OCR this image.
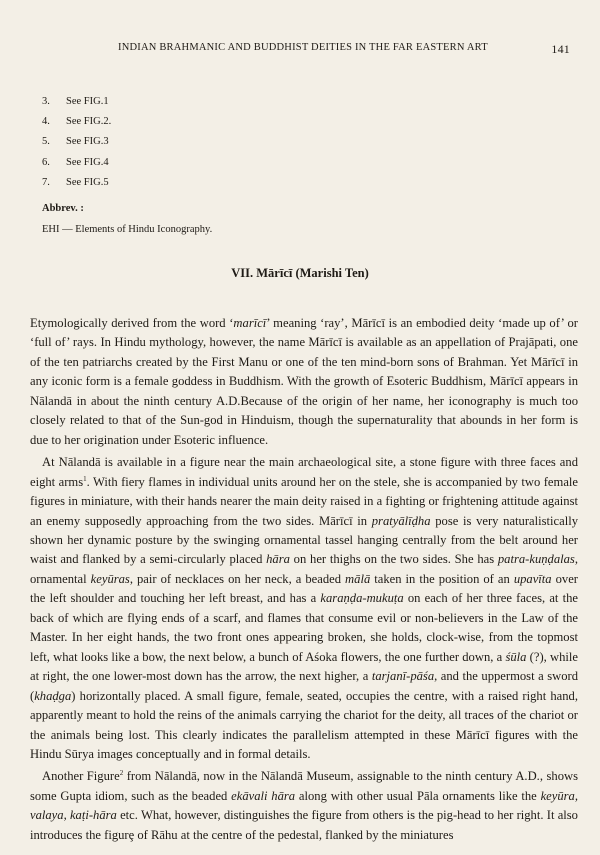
INDIAN BRAHMANIC AND BUDDHIST DEITIES IN THE FAR EASTERN ART	141
3.	See FIG.1
4.	See FIG.2.
5.	See FIG.3
6.	See FIG.4
7.	See FIG.5
Abbrev. :
EHI — Elements of Hindu Iconography.
VII. Mārīcī (Marishi Ten)

Etymologically derived from the word ‘marīcī’ meaning ‘ray’, Mārīcī is an embodied deity ‘made up of’ or ‘full of’ rays. In Hindu mythology, however, the name Mārīcī is available as an appellation of Prajāpati, one of the ten patriarchs created by the First Manu or one of the ten mind-born sons of Brahman. Yet Mārīcī in any iconic form is a female goddess in Buddhism. With the growth of Esoteric Buddhism, Mārīcī appears in Nālandā in about the ninth century A.D.Because of the origin of her name, her iconography is much too closely related to that of the Sun-god in Hinduism, though the supernaturality that abounds in her form is due to her origination under Esoteric influence.

At Nālandā is available in a figure near the main archaeological site, a stone figure with three faces and eight arms$^1$. With fiery flames in individual units around her on the stele, she is accompanied by two female figures in miniature, with their hands nearer the main deity raised in a fighting or frightening attitude against an enemy supposedly approaching from the two sides. Mārīcī in pratyālīḍha pose is very naturalistically shown her dynamic posture by the swinging ornamental tassel hanging centrally from the belt around her waist and flanked by a semi-circularly placed hāra on her thighs on the two sides. She has patra-kuṇḍalas, ornamental keyūras, pair of necklaces on her neck, a beaded mālā taken in the position of an upavīta over the left shoulder and touching her left breast, and has a karaṇḍa-mukuṭa on each of her three faces, at the back of which are flying ends of a scarf, and flames that consume evil or non-believers in the Law of the Master. In her eight hands, the two front ones appearing broken, she holds, clock-wise, from the topmost left, what looks like a bow, the next below, a bunch of Aśoka flowers, the one further down, a śūla (?), while at right, the one lower-most down has the arrow, the next higher, a tarjanī-pāśa, and the uppermost a sword (khaḍga) horizontally placed. A small figure, female, seated, occupies the centre, with a raised right hand, apparently meant to hold the reins of the animals carrying the chariot for the deity, all traces of the chariot or the animals being lost. This clearly indicates the parallelism attempted in these Mārīcī figures with the Hindu Sūrya images conceptually and in formal details.

Another Figure$^2$ from Nālandā, now in the Nālandā Museum, assignable to the ninth century A.D., shows some Gupta idiom, such as the beaded ekāvali hāra along with other usual Pāla ornaments like the keyūra, valaya, kaṭi-hāra etc. What, however, distinguishes the figure from others is the pig-head to her right. It also introduces the figurȩ of Rāhu at the centre of the pedestal, flanked by the miniatures
